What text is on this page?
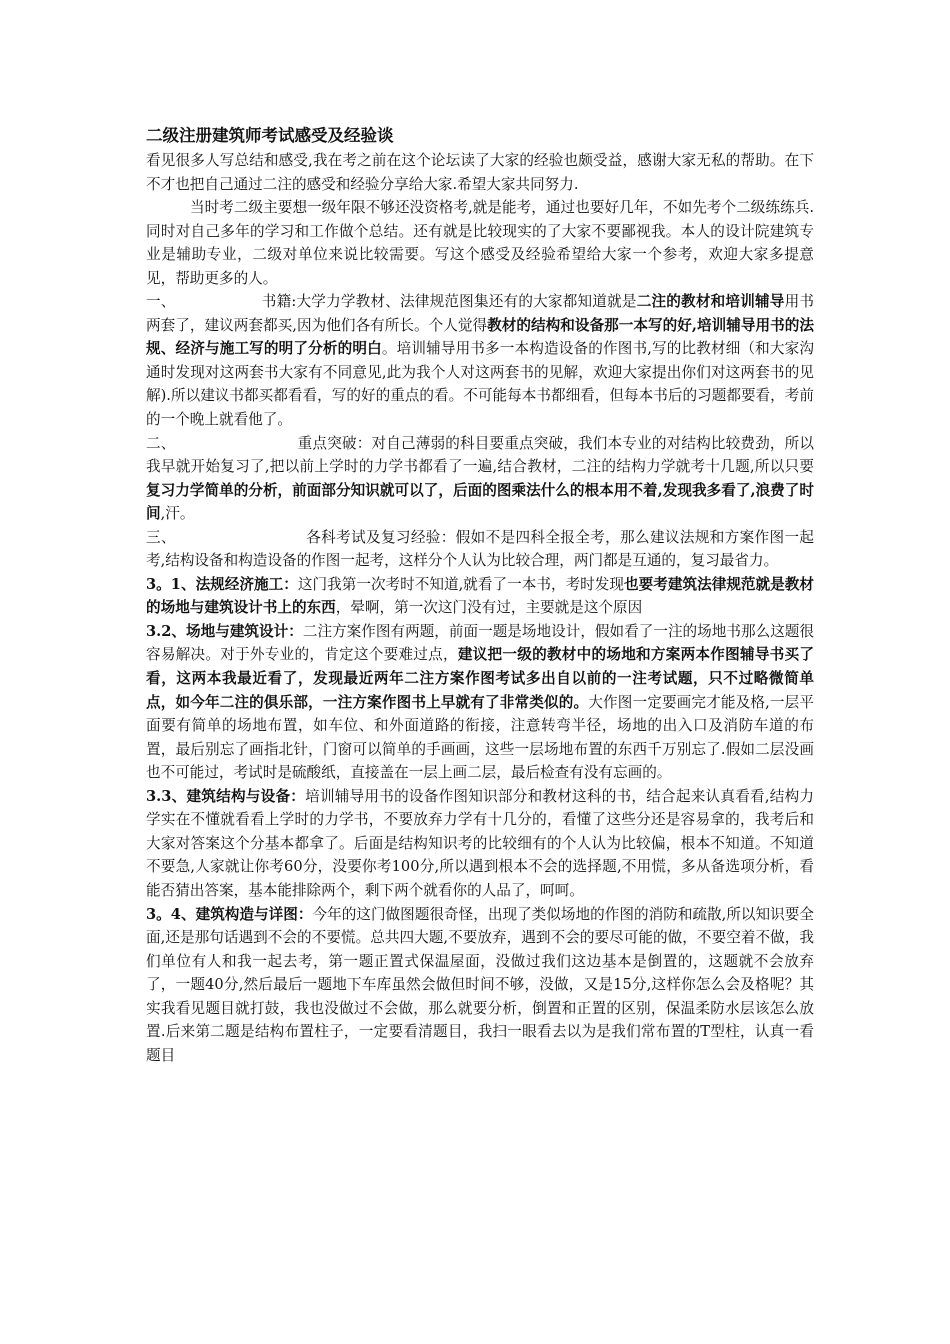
二级注册建筑师考试感受及经验谈

看见很多人写总结和感受,我在考之前在这个论坛读了大家的经验也颇受益，感谢大家无私的帮助。在下不才也把自己通过二注的感受和经验分享给大家.希望大家共同努力.

当时考二级主要想一级年限不够还没资格考,就是能考，通过也要好几年，不如先考个二级练练兵.同时对自己多年的学习和工作做个总结。还有就是比较现实的了大家不要鄙视我。本人的设计院建筑专业是辅助专业，二级对单位来说比较需要。写这个感受及经验希望给大家一个参考，欢迎大家多提意见，帮助更多的人。

一、	书籍:大学力学教材、法律规范图集还有的大家都知道就是二注的教材和培训辅导用书两套了，建议两套都买,因为他们各有所长。个人觉得教材的结构和设备那一本写的好,培训辅导用书的法规、经济与施工写的明了分析的明白。培训辅导用书多一本构造设备的作图书,写的比教材细（和大家沟通时发现对这两套书大家有不同意见,此为我个人对这两套书的见解，欢迎大家提出你们对这两套书的见解).所以建议书都买都看看，写的好的重点的看。不可能每本书都细看，但每本书后的习题都要看，考前的一个晚上就看他了。

二、	重点突破：对自己薄弱的科目要重点突破，我们本专业的对结构比较费劲，所以我早就开始复习了,把以前上学时的力学书都看了一遍,结合教材，二注的结构力学就考十几题,所以只要复习力学简单的分析，前面部分知识就可以了，后面的图乘法什么的根本用不着,发现我多看了,浪费了时间,汗。

三、	各科考试及复习经验：假如不是四科全报全考，那么建议法规和方案作图一起考,结构设备和构造设备的作图一起考，这样分个人认为比较合理，两门都是互通的，复习最省力。

3。1、法规经济施工：这门我第一次考时不知道,就看了一本书，考时发现也要考建筑法律规范就是教材的场地与建筑设计书上的东西，晕啊，第一次这门没有过，主要就是这个原因

3.2、场地与建筑设计：二注方案作图有两题，前面一题是场地设计，假如看了一注的场地书那么这题很容易解决。对于外专业的，肯定这个要难过点，建议把一级的教材中的场地和方案两本作图辅导书买了看，这两本我最近看了，发现最近两年二注方案作图考试多出自以前的一注考试题，只不过略微简单点，如今年二注的俱乐部，一注方案作图书上早就有了非常类似的。大作图一定要画完才能及格,一层平面要有简单的场地布置，如车位、和外面道路的衔接，注意转弯半径，场地的出入口及消防车道的布置，最后别忘了画指北针，门窗可以简单的手画画，这些一层场地布置的东西千万别忘了.假如二层没画也不可能过，考试时是硫酸纸，直接盖在一层上画二层，最后检查有没有忘画的。

3.3、建筑结构与设备：培训辅导用书的设备作图知识部分和教材这科的书，结合起来认真看看,结构力学实在不懂就看看上学时的力学书，不要放弃力学有十几分的，看懂了这些分还是容易拿的，我考后和大家对答案这个分基本都拿了。后面是结构知识考的比较细有的个人认为比较偏，根本不知道。不知道不要急,人家就让你考60分，没要你考100分,所以遇到根本不会的选择题,不用慌，多从备选项分析，看能否猜出答案，基本能排除两个，剩下两个就看你的人品了，呵呵。

3。4、建筑构造与详图：今年的这门做图题很奇怪，出现了类似场地的作图的消防和疏散,所以知识要全面,还是那句话遇到不会的不要慌。总共四大题,不要放弃，遇到不会的要尽可能的做，不要空着不做，我们单位有人和我一起去考，第一题正置式保温屋面，没做过我们这边基本是倒置的，这题就不会放弃了，一题40分,然后最后一题地下车库虽然会做但时间不够，没做，又是15分,这样你怎么会及格呢？其实我看见题目就打鼓，我也没做过不会做，那么就要分析，倒置和正置的区别，保温柔防水层该怎么放置.后来第二题是结构布置柱子，一定要看清题目，我扫一眼看去以为是我们常布置的T型柱，认真一看题目
